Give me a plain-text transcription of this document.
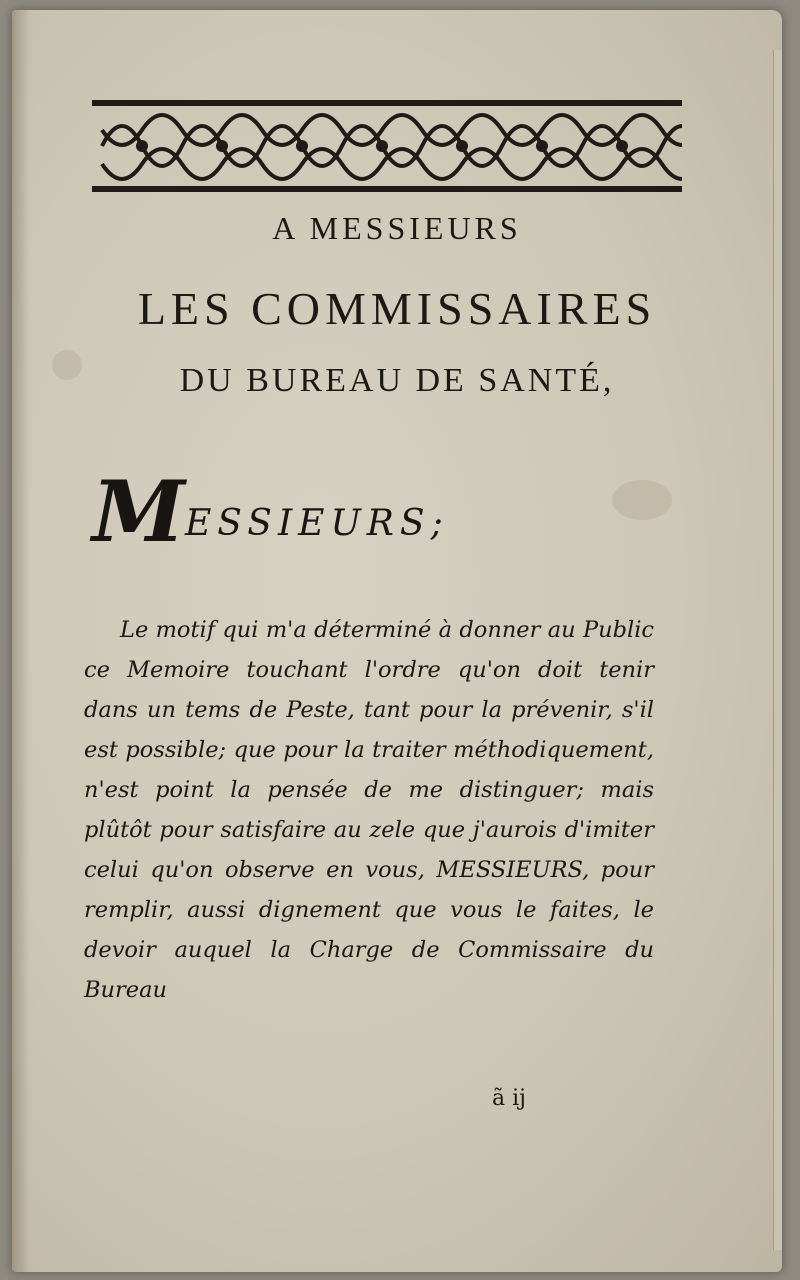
A MESSIEURS
LES COMMISSAIRES
DU BUREAU DE SANTÉ,
MESSIEURS;

Le motif qui m'a déterminé à donner au Public ce Memoire touchant l'ordre qu'on doit tenir dans un tems de Peste, tant pour la prévenir, s'il est possible; que pour la traiter méthodiquement, n'est point la pensée de me distinguer; mais plûtôt pour satisfaire au zele que j'aurois d'imiter celui qu'on observe en vous, MESSIEURS, pour remplir, aussi dignement que vous le faites, le devoir auquel la Charge de Commissaire du Bureau

ã ij
